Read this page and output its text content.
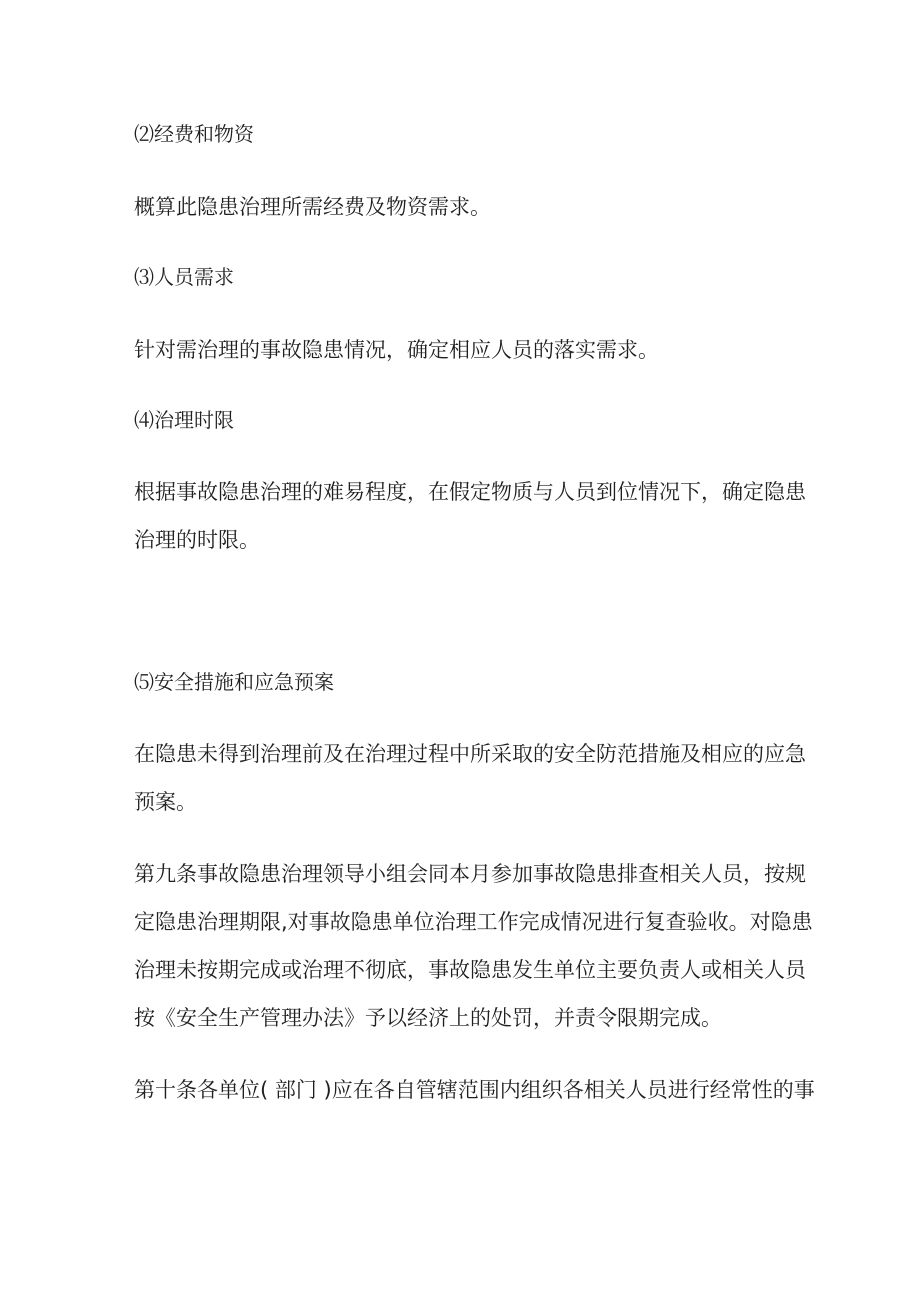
⑵经费和物资
概算此隐患治理所需经费及物资需求。
⑶人员需求
针对需治理的事故隐患情况，确定相应人员的落实需求。
⑷治理时限
根据事故隐患治理的难易程度，在假定物质与人员到位情况下，确定隐患
治理的时限。
⑸安全措施和应急预案
在隐患未得到治理前及在治理过程中所采取的安全防范措施及相应的应急
预案。
第九条事故隐患治理领导小组会同本月参加事故隐患排查相关人员，按规
定隐患治理期限,对事故隐患单位治理工作完成情况进行复查验收。对隐患
治理未按期完成或治理不彻底，事故隐患发生单位主要负责人或相关人员
按《安全生产管理办法》予以经济上的处罚，并责令限期完成。
第十条各单位( 部门 )应在各自管辖范围内组织各相关人员进行经常性的事
